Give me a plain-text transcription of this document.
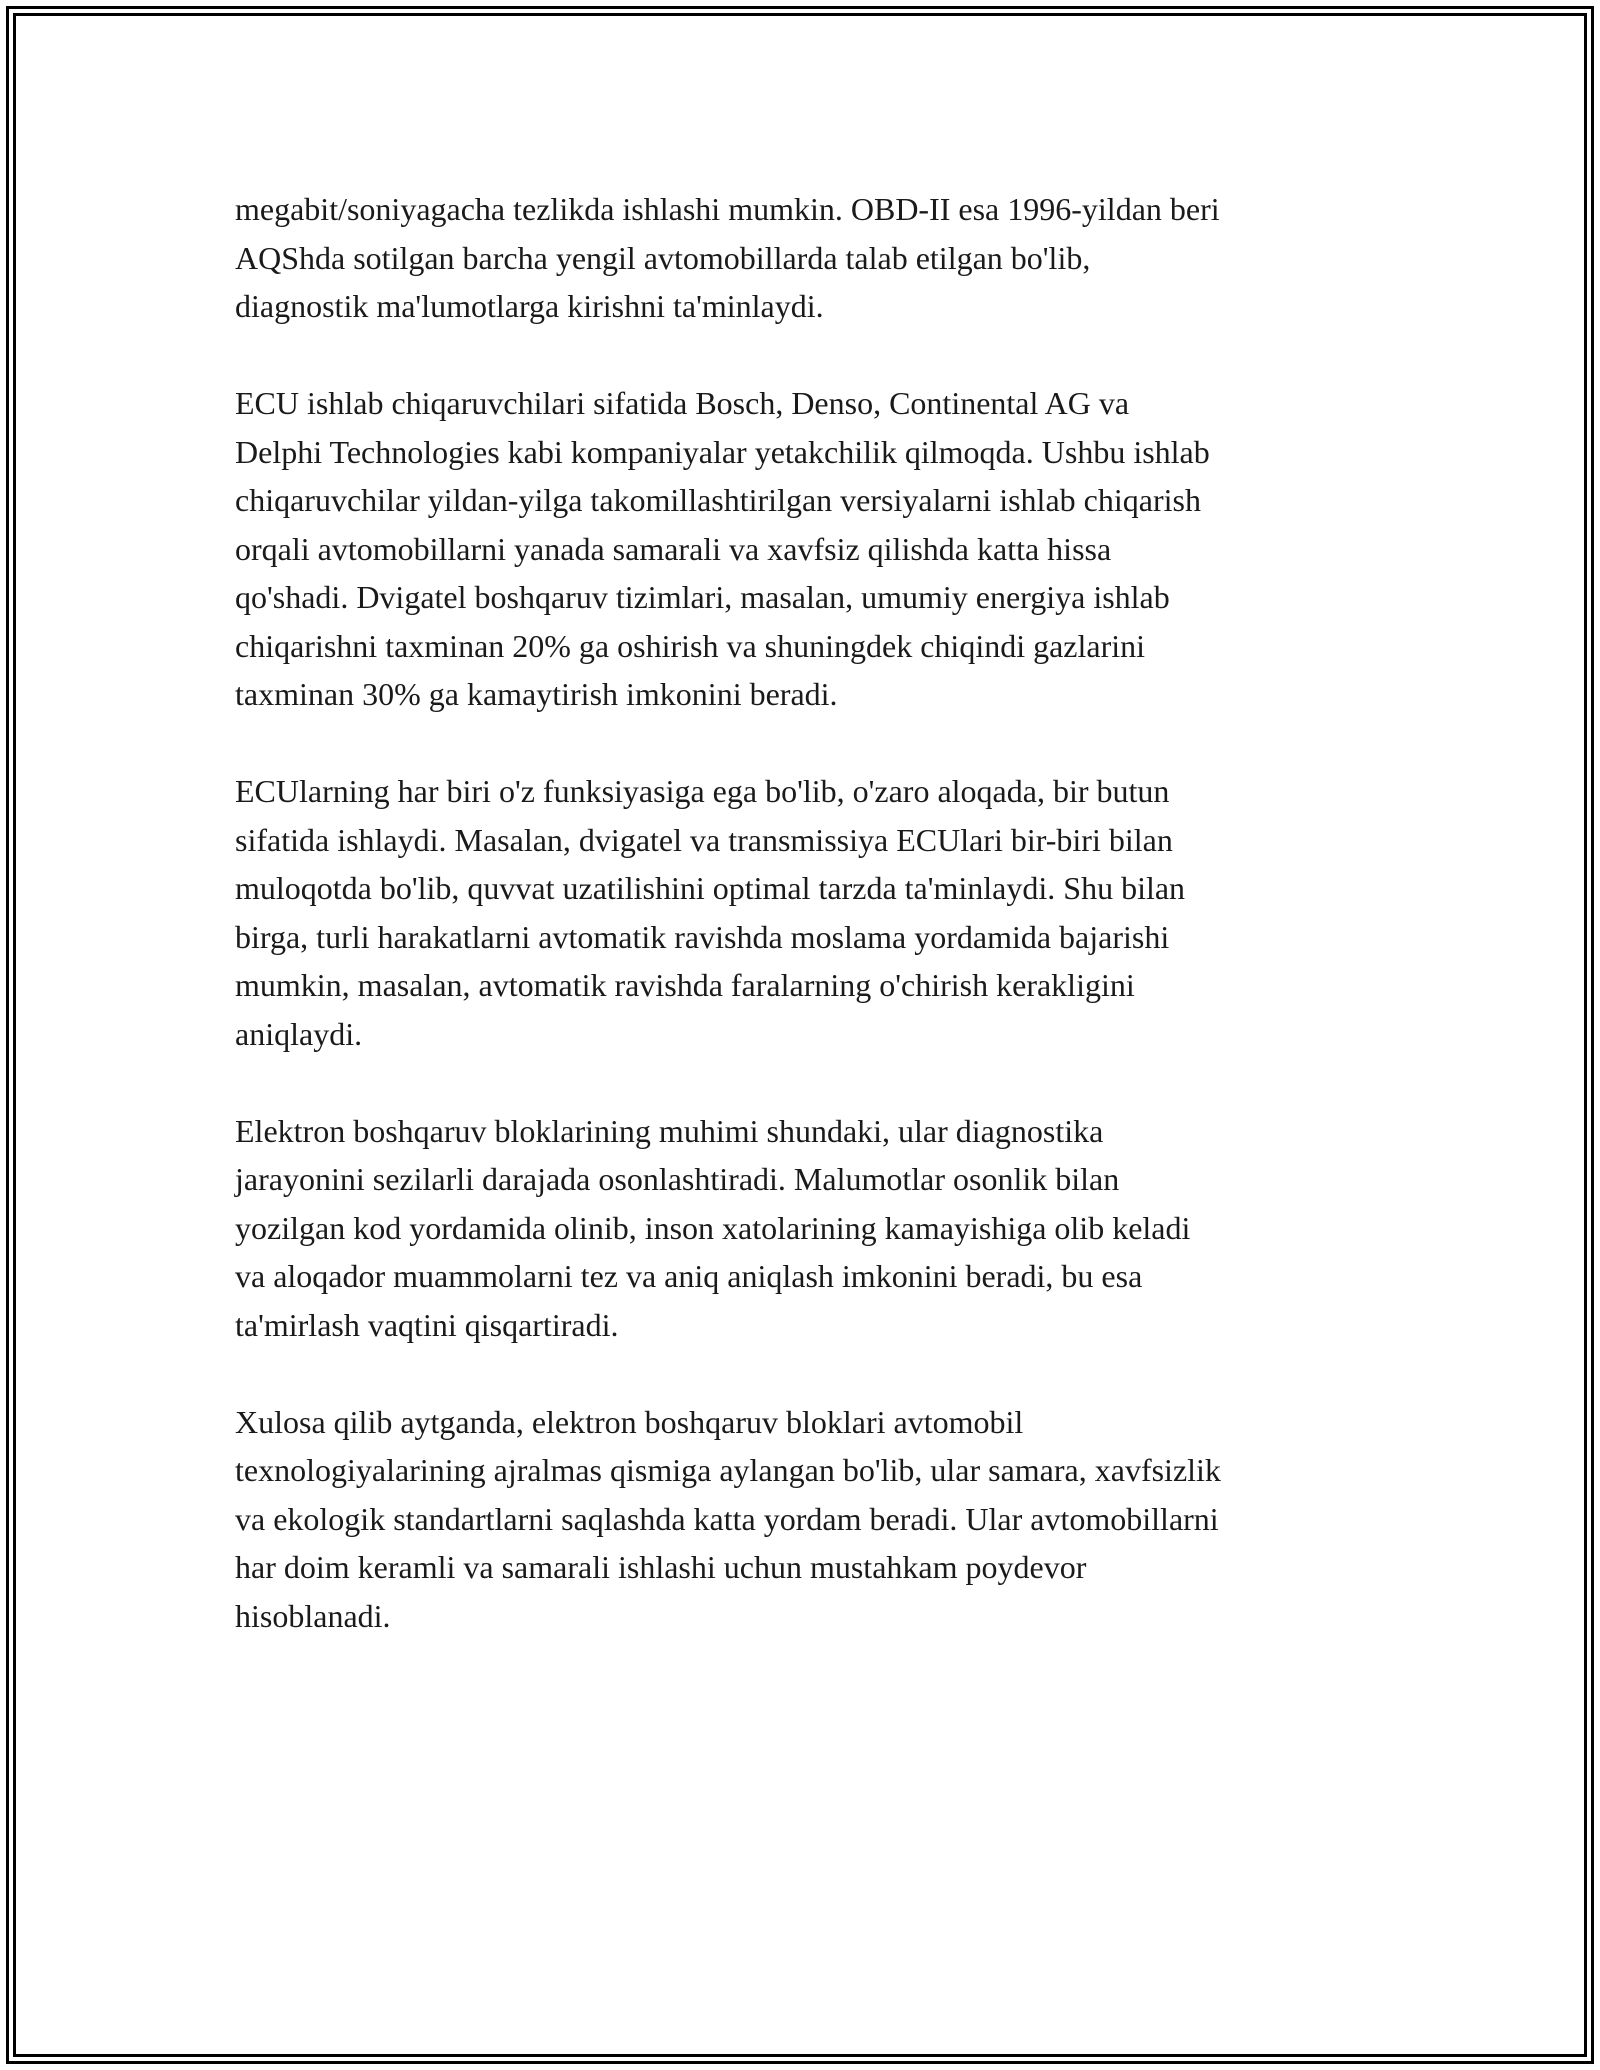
megabit/soniyagacha tezlikda ishlashi mumkin. OBD-II esa 1996-yildan beri
AQShda sotilgan barcha yengil avtomobillarda talab etilgan bo'lib,
diagnostik ma'lumotlarga kirishni ta'minlaydi.

ECU ishlab chiqaruvchilari sifatida Bosch, Denso, Continental AG va
Delphi Technologies kabi kompaniyalar yetakchilik qilmoqda. Ushbu ishlab
chiqaruvchilar yildan-yilga takomillashtirilgan versiyalarni ishlab chiqarish
orqali avtomobillarni yanada samarali va xavfsiz qilishda katta hissa
qo'shadi. Dvigatel boshqaruv tizimlari, masalan, umumiy energiya ishlab
chiqarishni taxminan 20% ga oshirish va shuningdek chiqindi gazlarini
taxminan 30% ga kamaytirish imkonini beradi.

ECUlarning har biri o'z funksiyasiga ega bo'lib, o'zaro aloqada, bir butun
sifatida ishlaydi. Masalan, dvigatel va transmissiya ECUlari bir-biri bilan
muloqotda bo'lib, quvvat uzatilishini optimal tarzda ta'minlaydi. Shu bilan
birga, turli harakatlarni avtomatik ravishda moslama yordamida bajarishi
mumkin, masalan, avtomatik ravishda faralarning o'chirish kerakligini
aniqlaydi.

Elektron boshqaruv bloklarining muhimi shundaki, ular diagnostika
jarayonini sezilarli darajada osonlashtiradi. Malumotlar osonlik bilan
yozilgan kod yordamida olinib, inson xatolarining kamayishiga olib keladi
va aloqador muammolarni tez va aniq aniqlash imkonini beradi, bu esa
ta'mirlash vaqtini qisqartiradi.

Xulosa qilib aytganda, elektron boshqaruv bloklari avtomobil
texnologiyalarining ajralmas qismiga aylangan bo'lib, ular samara, xavfsizlik
va ekologik standartlarni saqlashda katta yordam beradi. Ular avtomobillarni
har doim keramli va samarali ishlashi uchun mustahkam poydevor
hisoblanadi.
